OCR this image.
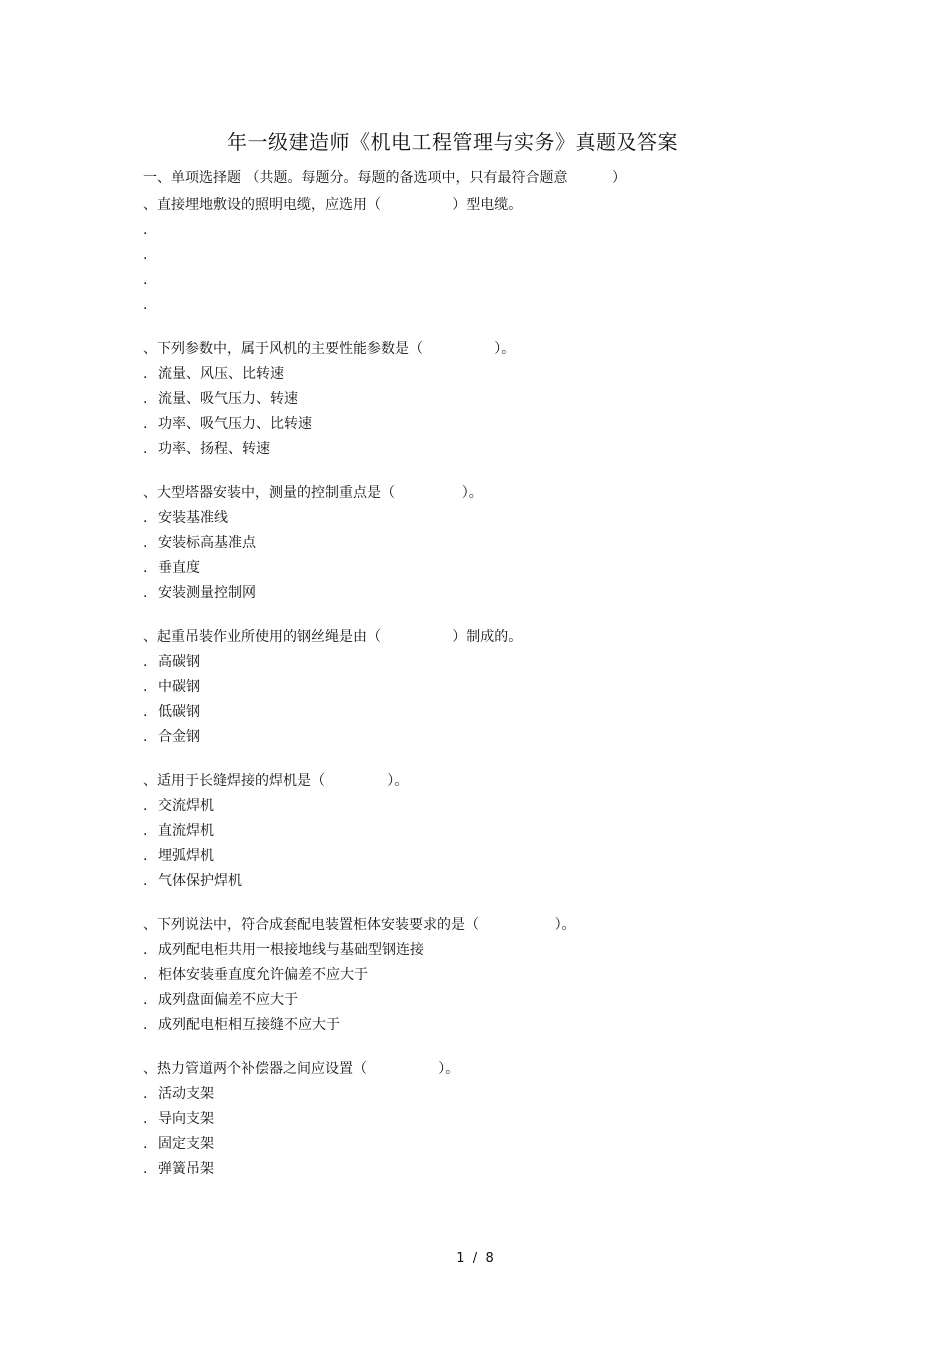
年一级建造师《机电工程管理与实务》真题及答案
一、单项选择题 （共题。每题分。每题的备选项中，只有最符合题意          ）
、直接埋地敷设的照明电缆，应选用（                ）型电缆。
.
.
.
.
、下列参数中，属于风机的主要性能参数是（                ）。
. 流量、风压、比转速
. 流量、吸气压力、转速
. 功率、吸气压力、比转速
. 功率、扬程、转速
、大型塔器安装中，测量的控制重点是（               ）。
. 安装基准线
. 安装标高基准点
. 垂直度
. 安装测量控制网
、起重吊装作业所使用的钢丝绳是由（                ）制成的。
. 高碳钢
. 中碳钢
. 低碳钢
. 合金钢
、适用于长缝焊接的焊机是（              ）。
. 交流焊机
. 直流焊机
. 埋弧焊机
. 气体保护焊机
、下列说法中，符合成套配电装置柜体安装要求的是（                 ）。
. 成列配电柜共用一根接地线与基础型钢连接
. 柜体安装垂直度允许偏差不应大于
. 成列盘面偏差不应大于
. 成列配电柜相互接缝不应大于
、热力管道两个补偿器之间应设置（                ）。
. 活动支架
. 导向支架
. 固定支架
. 弹簧吊架
1  /  8
